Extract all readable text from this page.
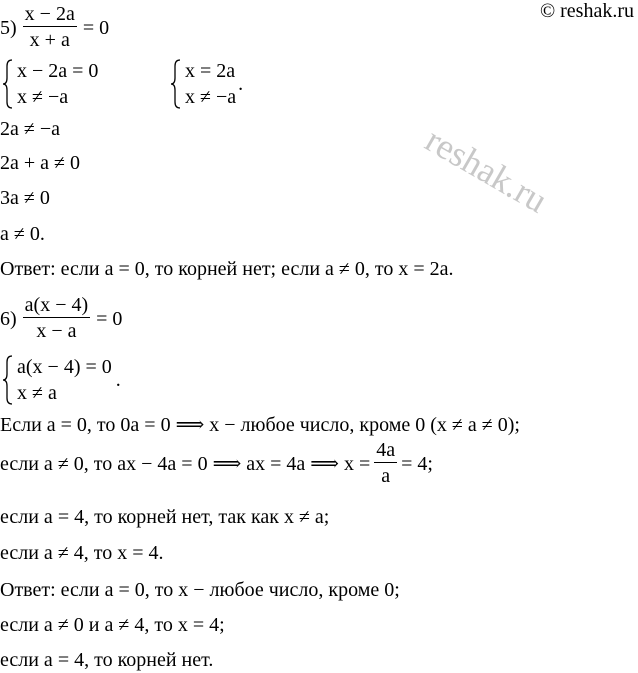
© reshak.ru
reshak.ru
$5) \frac{x - 2a}{x + a} = 0$
x − 2a = 0
x ≠ −a
x = 2a
x ≠ −a
.
2a ≠ −a
2a + a ≠ 0
3a ≠ 0
a ≠ 0.
Ответ: если a = 0, то корней нет; если a ≠ 0, то x = 2a.
$6) \frac{a(x - 4)}{x - a} = 0$
a(x − 4) = 0
x ≠ a
.
Если a = 0, то 0a = 0 ⟹ x − любое число, кроме 0 (x ≠ a ≠ 0);
если a ≠ 0, то ax − 4a = 0 ⟹ ax = 4a ⟹ $x = \frac{4a}{a} = 4$;
если a = 4, то корней нет, так как x ≠ a;
если a ≠ 4, то x = 4.
Ответ: если a = 0, то x − любое число, кроме 0;
если a ≠ 0 и a ≠ 4, то x = 4;
если a = 4, то корней нет.
